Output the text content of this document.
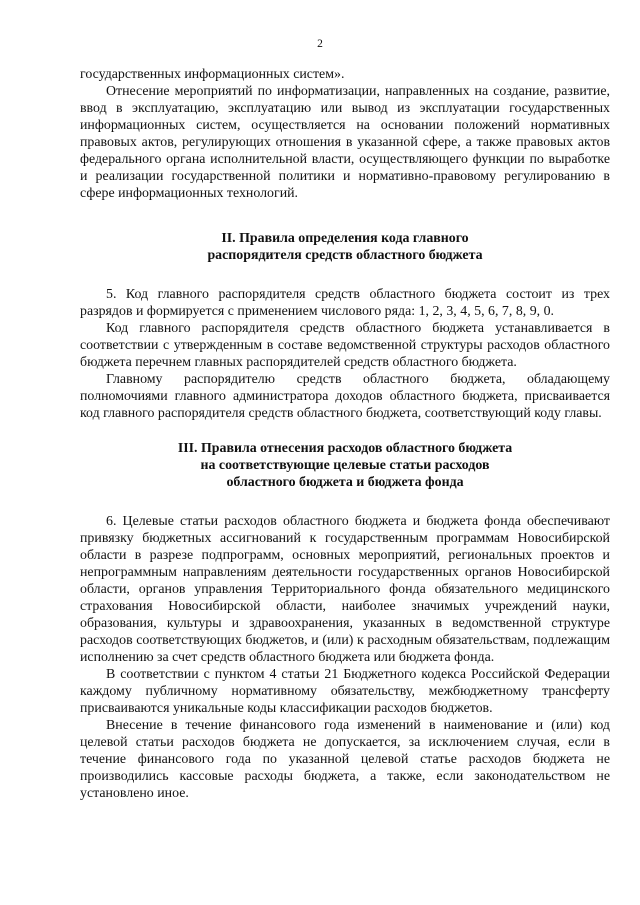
2

государственных информационных систем».

Отнесение мероприятий по информатизации, направленных на создание, развитие, ввод в эксплуатацию, эксплуатацию или вывод из эксплуатации государственных информационных систем, осуществляется на основании положений нормативных правовых актов, регулирующих отношения в указанной сфере, а также правовых актов федерального органа исполнительной власти, осуществляющего функции по выработке и реализации государственной политики и нормативно-правовому регулированию в сфере информационных технологий.

II. Правила определения кода главного
распорядителя средств областного бюджета

5. Код главного распорядителя средств областного бюджета состоит из трех разрядов и формируется с применением числового ряда: 1, 2, 3, 4, 5, 6, 7, 8, 9, 0.

Код главного распорядителя средств областного бюджета устанавливается в соответствии с утвержденным в составе ведомственной структуры расходов областного бюджета перечнем главных распорядителей средств областного бюджета.

Главному распорядителю средств областного бюджета, обладающему полномочиями главного администратора доходов областного бюджета, присваивается код главного распорядителя средств областного бюджета, соответствующий коду главы.

III. Правила отнесения расходов областного бюджета
на соответствующие целевые статьи расходов
областного бюджета и бюджета фонда

6. Целевые статьи расходов областного бюджета и бюджета фонда обеспечивают привязку бюджетных ассигнований к государственным программам Новосибирской области в разрезе подпрограмм, основных мероприятий, региональных проектов и непрограммным направлениям деятельности государственных органов Новосибирской области, органов управления Территориального фонда обязательного медицинского страхования Новосибирской области, наиболее значимых учреждений науки, образования, культуры и здравоохранения, указанных в ведомственной структуре расходов соответствующих бюджетов, и (или) к расходным обязательствам, подлежащим исполнению за счет средств областного бюджета или бюджета фонда.

В соответствии с пунктом 4 статьи 21 Бюджетного кодекса Российской Федерации каждому публичному нормативному обязательству, межбюджетному трансферту присваиваются уникальные коды классификации расходов бюджетов.

Внесение в течение финансового года изменений в наименование и (или) код целевой статьи расходов бюджета не допускается, за исключением случая, если в течение финансового года по указанной целевой статье расходов бюджета не производились кассовые расходы бюджета, а также, если законодательством не установлено иное.
